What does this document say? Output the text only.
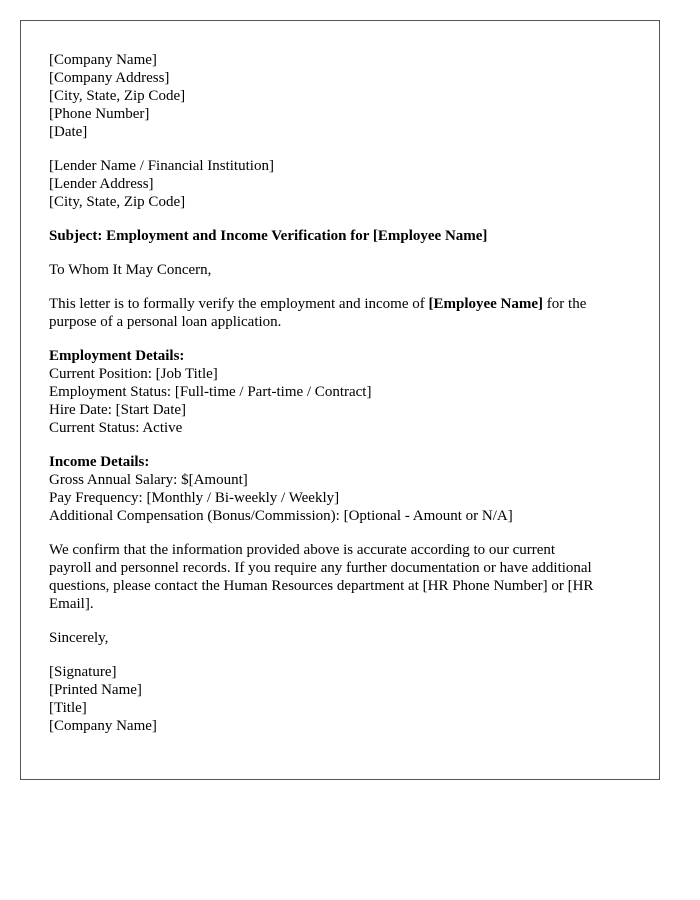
[Company Name]
[Company Address]
[City, State, Zip Code]
[Phone Number]
[Date]
[Lender Name / Financial Institution]
[Lender Address]
[City, State, Zip Code]
Subject: Employment and Income Verification for [Employee Name]
To Whom It May Concern,
This letter is to formally verify the employment and income of [Employee Name] for the
purpose of a personal loan application.
Employment Details:
Current Position: [Job Title]
Employment Status: [Full-time / Part-time / Contract]
Hire Date: [Start Date]
Current Status: Active
Income Details:
Gross Annual Salary: $[Amount]
Pay Frequency: [Monthly / Bi-weekly / Weekly]
Additional Compensation (Bonus/Commission): [Optional - Amount or N/A]
We confirm that the information provided above is accurate according to our current
payroll and personnel records. If you require any further documentation or have additional
questions, please contact the Human Resources department at [HR Phone Number] or [HR
Email].
Sincerely,
[Signature]
[Printed Name]
[Title]
[Company Name]
